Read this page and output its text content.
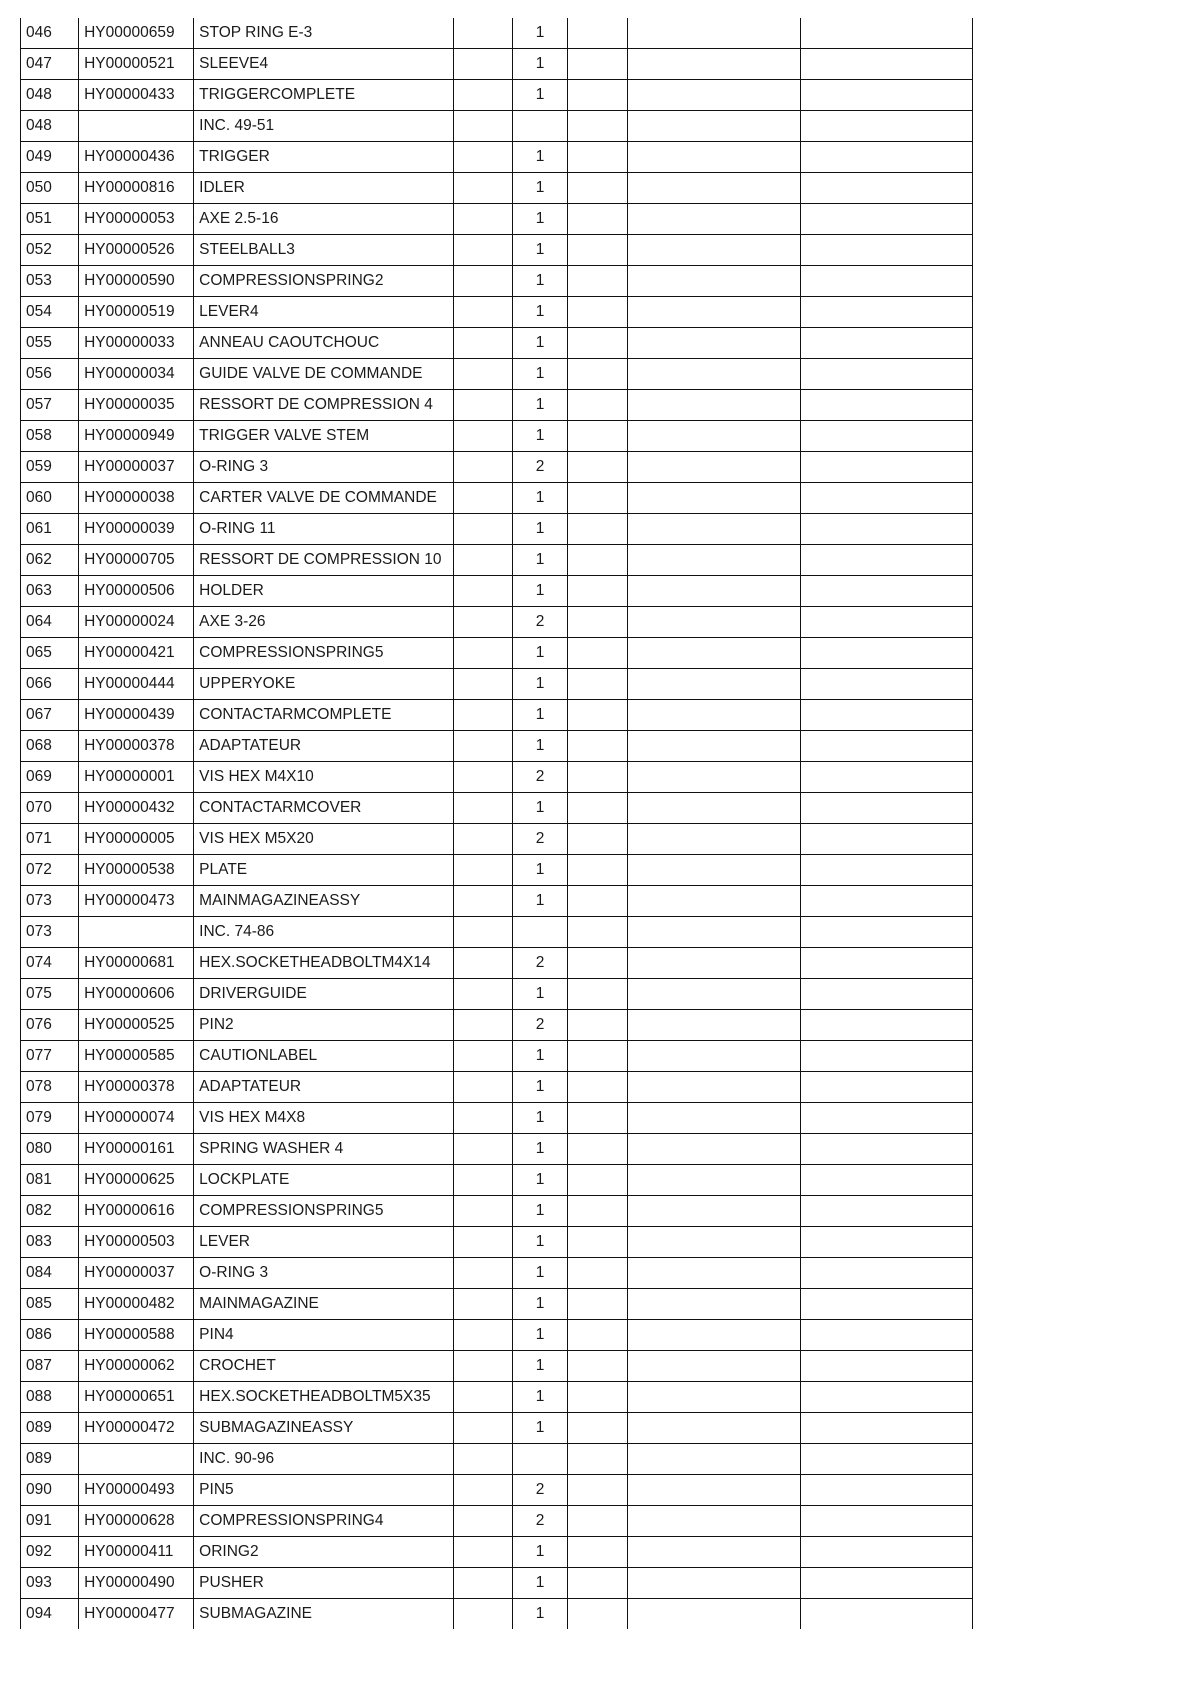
046	HY00000659	STOP RING E-3		1			
047	HY00000521	SLEEVE4		1			
048	HY00000433	TRIGGERCOMPLETE		1			
048		INC. 49-51					
049	HY00000436	TRIGGER		1			
050	HY00000816	IDLER		1			
051	HY00000053	AXE 2.5-16		1			
052	HY00000526	STEELBALL3		1			
053	HY00000590	COMPRESSIONSPRING2		1			
054	HY00000519	LEVER4		1			
055	HY00000033	ANNEAU CAOUTCHOUC		1			
056	HY00000034	GUIDE VALVE DE COMMANDE		1			
057	HY00000035	RESSORT DE COMPRESSION 4		1			
058	HY00000949	TRIGGER VALVE STEM		1			
059	HY00000037	O-RING 3		2			
060	HY00000038	CARTER VALVE DE COMMANDE		1			
061	HY00000039	O-RING 11		1			
062	HY00000705	RESSORT DE COMPRESSION 10		1			
063	HY00000506	HOLDER		1			
064	HY00000024	AXE 3-26		2			
065	HY00000421	COMPRESSIONSPRING5		1			
066	HY00000444	UPPERYOKE		1			
067	HY00000439	CONTACTARMCOMPLETE		1			
068	HY00000378	ADAPTATEUR		1			
069	HY00000001	VIS HEX M4X10		2			
070	HY00000432	CONTACTARMCOVER		1			
071	HY00000005	VIS HEX M5X20		2			
072	HY00000538	PLATE		1			
073	HY00000473	MAINMAGAZINEASSY		1			
073		INC. 74-86					
074	HY00000681	HEX.SOCKETHEADBOLTM4X14		2			
075	HY00000606	DRIVERGUIDE		1			
076	HY00000525	PIN2		2			
077	HY00000585	CAUTIONLABEL		1			
078	HY00000378	ADAPTATEUR		1			
079	HY00000074	VIS HEX M4X8		1			
080	HY00000161	SPRING WASHER 4		1			
081	HY00000625	LOCKPLATE		1			
082	HY00000616	COMPRESSIONSPRING5		1			
083	HY00000503	LEVER		1			
084	HY00000037	O-RING 3		1			
085	HY00000482	MAINMAGAZINE		1			
086	HY00000588	PIN4		1			
087	HY00000062	CROCHET		1			
088	HY00000651	HEX.SOCKETHEADBOLTM5X35		1			
089	HY00000472	SUBMAGAZINEASSY		1			
089		INC. 90-96					
090	HY00000493	PIN5		2			
091	HY00000628	COMPRESSIONSPRING4		2			
092	HY00000411	ORING2		1			
093	HY00000490	PUSHER		1			
094	HY00000477	SUBMAGAZINE		1			
